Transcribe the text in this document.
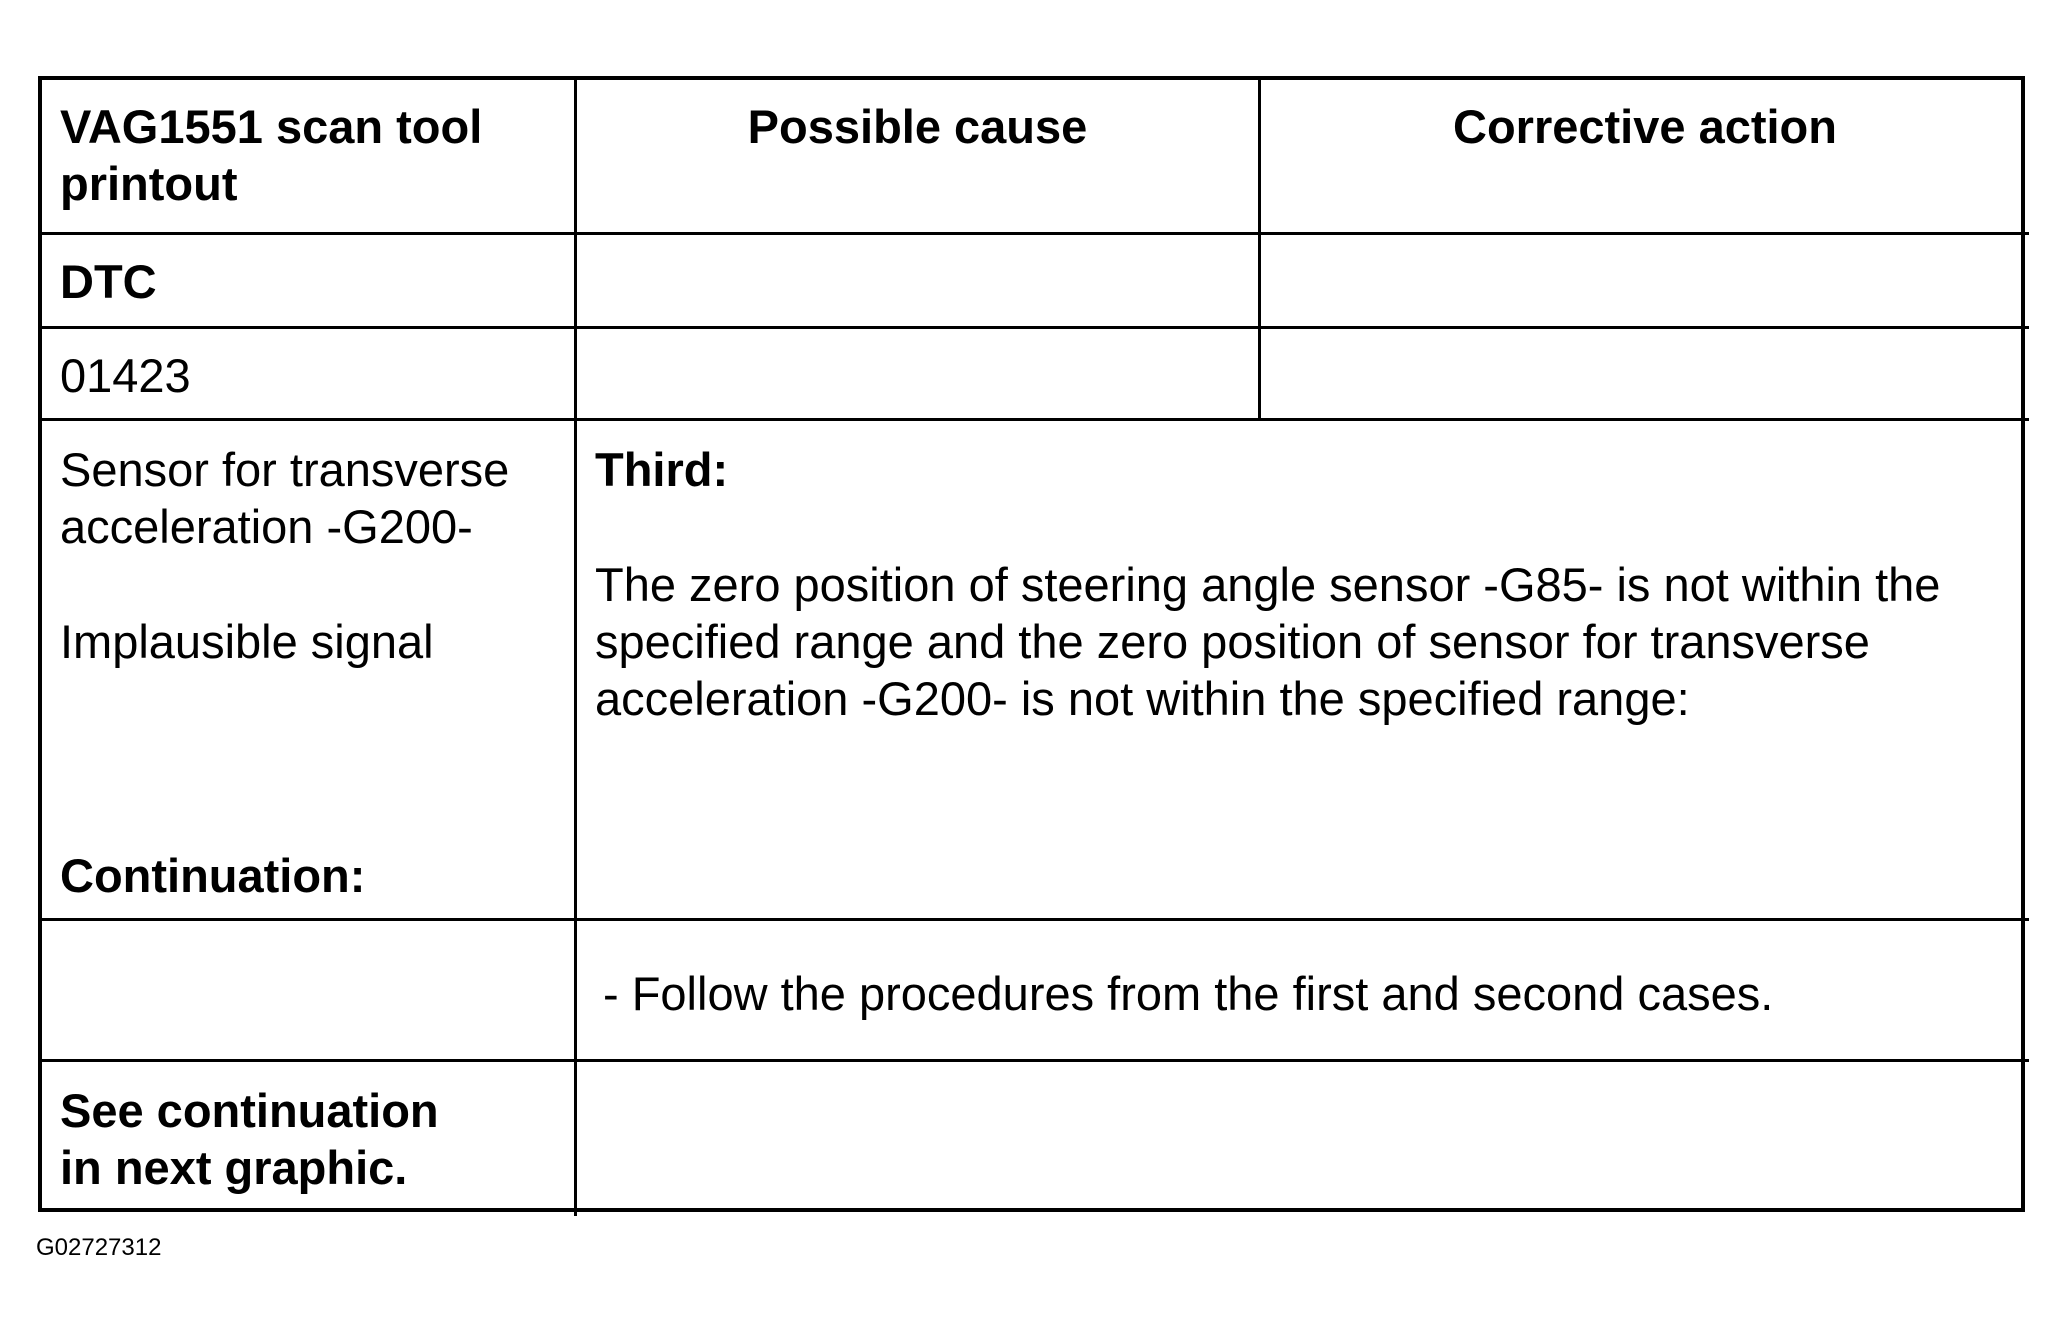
VAG1551 scan tool printout
Possible cause	Corrective action
DTC
01423
Sensor for transverse acceleration -G200-
Implausible signal
Continuation:
Third:
The zero position of steering angle sensor -G85- is not within the specified range and the zero position of sensor for transverse acceleration -G200- is not within the specified range:
- Follow the procedures from the first and second cases.
See continuation
in next graphic.
G02727312
